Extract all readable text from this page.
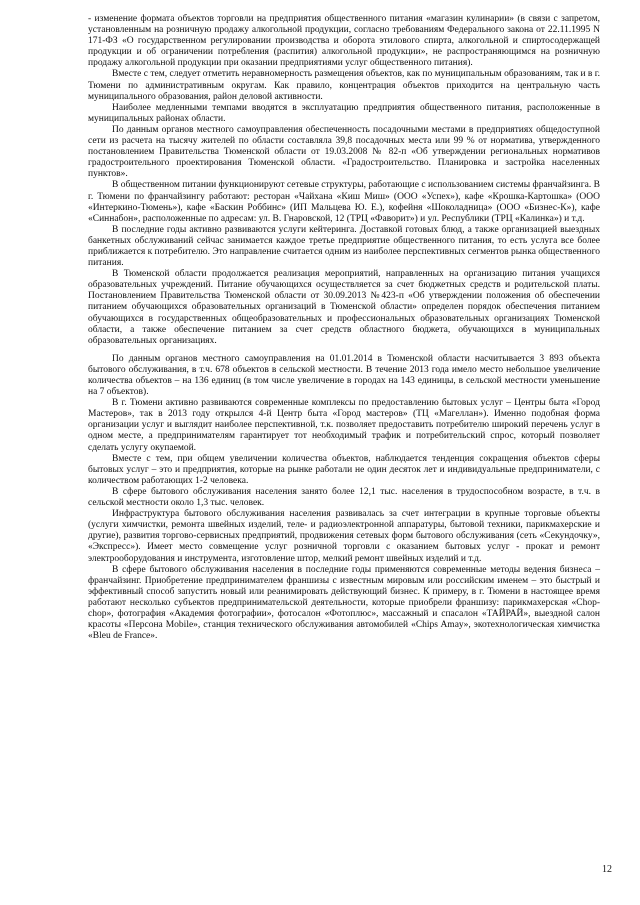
- изменение формата объектов торговли на предприятия общественного питания «магазин кулинарии» (в связи с запретом, установленным на розничную продажу алкогольной продукции, согласно требованиям Федерального закона от 22.11.1995 N 171-ФЗ «О государственном регулировании производства и оборота этилового спирта, алкогольной и спиртосодержащей продукции и об ограничении потребления (распития) алкогольной продукции», не распространяющимся на розничную продажу алкогольной продукции при оказании предприятиями услуг общественного питания).

Вместе с тем, следует отметить неравномерность размещения объектов, как по муниципальным образованиям, так и в г. Тюмени по административным округам. Как правило, концентрация объектов приходится на центральную часть муниципального образования, район деловой активности.

Наиболее медленными темпами вводятся в эксплуатацию предприятия общественного питания, расположенные в муниципальных районах области.

По данным органов местного самоуправления обеспеченность посадочными местами в предприятиях общедоступной сети из расчета на тысячу жителей по области составляла 39,8 посадочных места или 99 % от норматива, утвержденного постановлением Правительства Тюменской области от 19.03.2008 № 82-п «Об утверждении региональных нормативов градостроительного проектирования Тюменской области. «Градостроительство. Планировка и застройка населенных пунктов».

В общественном питании функционируют сетевые структуры, работающие с использованием системы франчайзинга. В г. Тюмени по франчайзингу работают: ресторан «Чайхана «Киш Миш» (ООО «Успех»), кафе «Крошка-Картошка» (ООО «Интеркино-Тюмень»), кафе «Баскин Роббинс» (ИП Мальцева Ю. Е.), кофейня «Шоколадница» (ООО «Бизнес-К»), кафе «Синнабон», расположенные по адресам: ул. В. Гнаровской, 12 (ТРЦ «Фаворит») и ул. Республики (ТРЦ «Калинка») и т.д.

В последние годы активно развиваются услуги кейтеринга. Доставкой готовых блюд, а также организацией выездных банкетных обслуживаний сейчас занимается каждое третье предприятие общественного питания, то есть услуга все более приближается к потребителю. Это направление считается одним из наиболее перспективных сегментов рынка общественного питания.

В Тюменской области продолжается реализация мероприятий, направленных на организацию питания учащихся образовательных учреждений. Питание обучающихся осуществляется за счет бюджетных средств и родительской платы. Постановлением Правительства Тюменской области от 30.09.2013 №423-п «Об утверждении положения об обеспечении питанием обучающихся образовательных организаций в Тюменской области» определен порядок обеспечения питанием обучающихся в государственных общеобразовательных и профессиональных образовательных организациях Тюменской области, а также обеспечение питанием за счет средств областного бюджета, обучающихся в муниципальных образовательных организациях.

По данным органов местного самоуправления на 01.01.2014 в Тюменской области насчитывается 3 893 объекта бытового обслуживания, в т.ч. 678 объектов в сельской местности. В течение 2013 года имело место небольшое увеличение количества объектов – на 136 единиц (в том числе увеличение в городах на 143 единицы, в сельской местности уменьшение на 7 объектов).

В г. Тюмени активно развиваются современные комплексы по предоставлению бытовых услуг – Центры быта «Город Мастеров», так в 2013 году открылся 4-й Центр быта «Город мастеров» (ТЦ «Магеллан»). Именно подобная форма организации услуг и выглядит наиболее перспективной, т.к. позволяет предоставить потребителю широкий перечень услуг в одном месте, а предпринимателям гарантирует тот необходимый трафик и потребительский спрос, который позволяет сделать услугу окупаемой.

Вместе с тем, при общем увеличении количества объектов, наблюдается тенденция сокращения объектов сферы бытовых услуг – это и предприятия, которые на рынке работали не один десяток лет и индивидуальные предприниматели, с количеством работающих 1-2 человека.

В сфере бытового обслуживания населения занято более 12,1 тыс. населения в трудоспособном возрасте, в т.ч. в сельской местности около 1,3 тыс. человек.

Инфраструктура бытового обслуживания населения развивалась за счет интеграции в крупные торговые объекты (услуги химчистки, ремонта швейных изделий, теле- и радиоэлектронной аппаратуры, бытовой техники, парикмахерские и другие), развития торгово-сервисных предприятий, продвижения сетевых форм бытового обслуживания (сеть «Секундочку», «Экспресс»). Имеет место совмещение услуг розничной торговли с оказанием бытовых услуг - прокат и ремонт электрооборудования и инструмента, изготовление штор, мелкий ремонт швейных изделий и т.д.

В сфере бытового обслуживания населения в последние годы применяются современные методы ведения бизнеса – франчайзинг. Приобретение предпринимателем франшизы с известным мировым или российским именем – это быстрый и эффективный способ запустить новый или реанимировать действующий бизнес. К примеру, в г. Тюмени в настоящее время работают несколько субъектов предпринимательской деятельности, которые приобрели франшизу: парикмахерская «Chop-chop», фотография «Академия фотографии», фотосалон «Фотоплюс», массажный и спасалон «ТАЙРАЙ», выездной салон красоты «Персона Mobile», станция технического обслуживания автомобилей «Chips Amay», экотехнологическая химчистка «Bleu de France».

12
